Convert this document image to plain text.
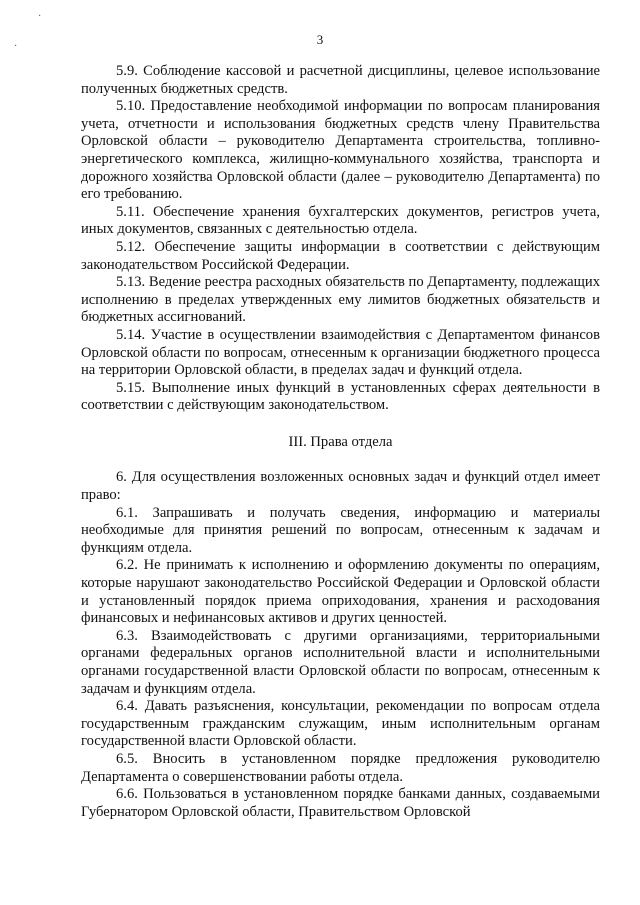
·
·	3

5.9. Соблюдение кассовой и расчетной дисциплины, целевое использование полученных бюджетных средств.

5.10. Предоставление необходимой информации по вопросам планирования учета, отчетности и использования бюджетных средств члену Правительства Орловской области – руководителю Департамента строительства, топливно-энергетического комплекса, жилищно-коммунального хозяйства, транспорта и дорожного хозяйства Орловской области (далее – руководителю Департамента) по его требованию.

5.11. Обеспечение хранения бухгалтерских документов, регистров учета, иных документов, связанных с деятельностью отдела.

5.12. Обеспечение защиты информации в соответствии с действующим законодательством Российской Федерации.

5.13. Ведение реестра расходных обязательств по Департаменту, подлежащих исполнению в пределах утвержденных ему лимитов бюджетных обязательств и бюджетных ассигнований.

5.14. Участие в осуществлении взаимодействия с Департаментом финансов Орловской области по вопросам, отнесенным к организации бюджетного процесса на территории Орловской области, в пределах задач и функций отдела.

5.15. Выполнение иных функций в установленных сферах деятельности в соответствии с действующим законодательством.

III. Права отдела

6. Для осуществления возложенных основных задач и функций отдел имеет право:

6.1. Запрашивать и получать сведения, информацию и материалы необходимые для принятия решений по вопросам, отнесенным к задачам и функциям отдела.

6.2. Не принимать к исполнению и оформлению документы по операциям, которые нарушают законодательство Российской Федерации и Орловской области и установленный порядок приема оприходования, хранения и расходования финансовых и нефинансовых активов и других ценностей.

6.3. Взаимодействовать с другими организациями, территориальными органами федеральных органов исполнительной власти и исполнительными органами государственной власти Орловской области по вопросам, отнесенным к задачам и функциям отдела.

6.4. Давать разъяснения, консультации, рекомендации по вопросам отдела государственным гражданским служащим, иным исполнительным органам государственной власти Орловской области.

6.5. Вносить в установленном порядке предложения руководителю Департамента о совершенствовании работы отдела.

6.6. Пользоваться в установленном порядке банками данных, создаваемыми Губернатором Орловской области, Правительством Орловской
